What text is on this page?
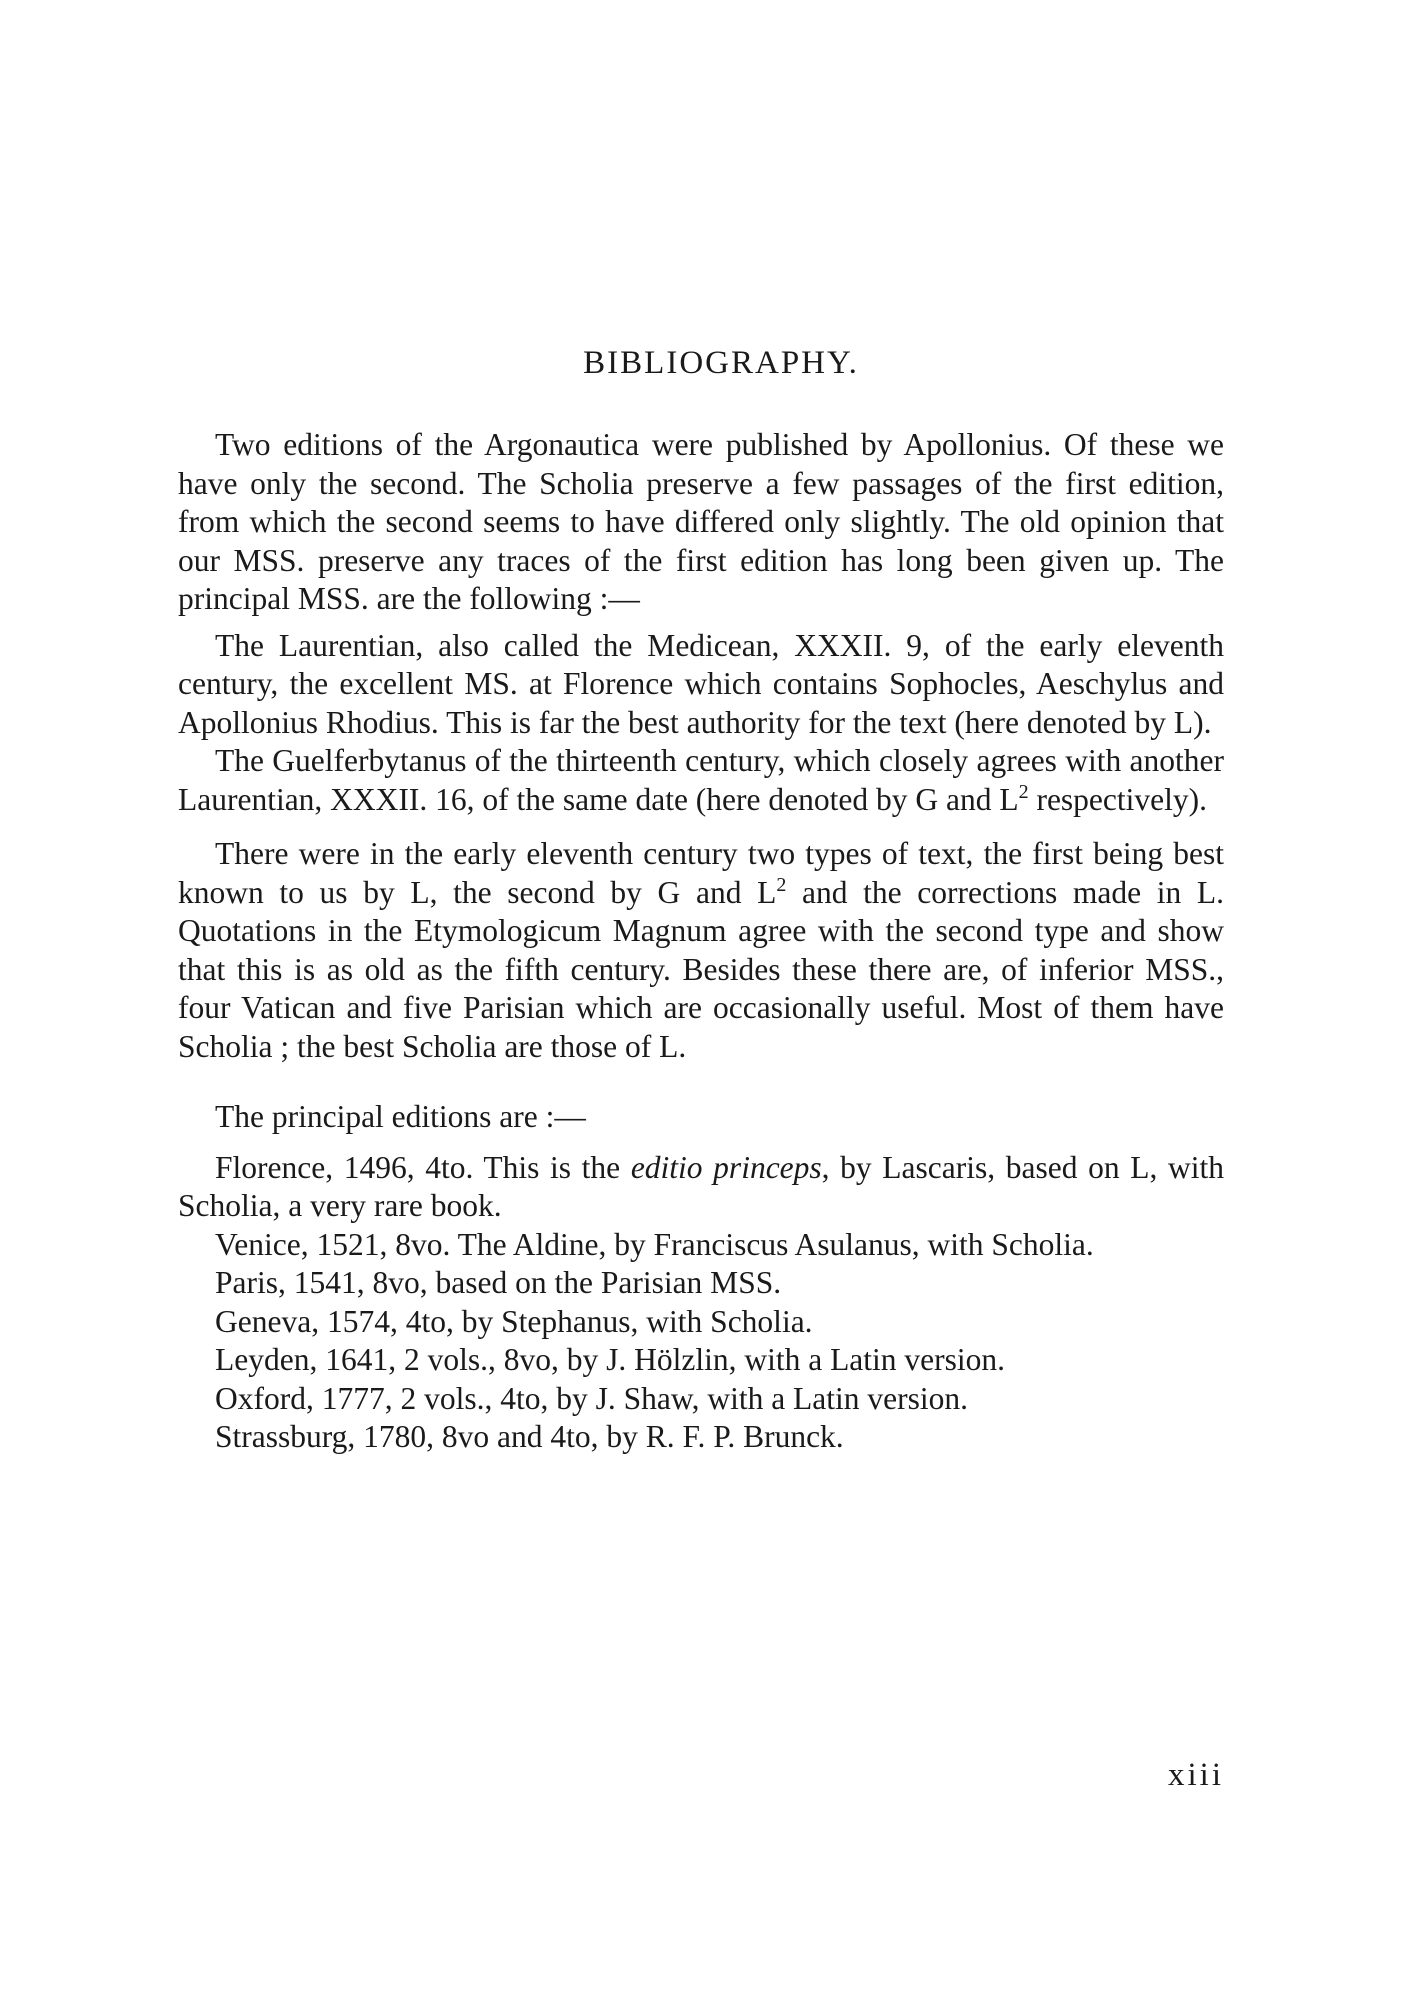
BIBLIOGRAPHY.

Two editions of the Argonautica were published by Apollonius. Of these we have only the second. The Scholia preserve a few passages of the first edition, from which the second seems to have differed only slightly. The old opinion that our MSS. preserve any traces of the first edition has long been given up. The principal MSS. are the following :—

The Laurentian, also called the Medicean, XXXII. 9, of the early eleventh century, the excellent MS. at Florence which contains Sophocles, Aeschylus and Apollonius Rhodius. This is far the best authority for the text (here denoted by L).

The Guelferbytanus of the thirteenth century, which closely agrees with another Laurentian, XXXII. 16, of the same date (here denoted by G and $L^2$ respectively).

There were in the early eleventh century two types of text, the first being best known to us by L, the second by G and $L^2$ and the corrections made in L. Quotations in the Etymologicum Magnum agree with the second type and show that this is as old as the fifth century. Besides these there are, of inferior MSS., four Vatican and five Parisian which are occasionally useful. Most of them have Scholia ; the best Scholia are those of L.

The principal editions are :—

Florence, 1496, 4to. This is the editio princeps, by Lascaris, based on L, with Scholia, a very rare book.

Venice, 1521, 8vo. The Aldine, by Franciscus Asulanus, with Scholia.

Paris, 1541, 8vo, based on the Parisian MSS.

Geneva, 1574, 4to, by Stephanus, with Scholia.

Leyden, 1641, 2 vols., 8vo, by J. Hölzlin, with a Latin version.

Oxford, 1777, 2 vols., 4to, by J. Shaw, with a Latin version.

Strassburg, 1780, 8vo and 4to, by R. F. P. Brunck.

xiii
